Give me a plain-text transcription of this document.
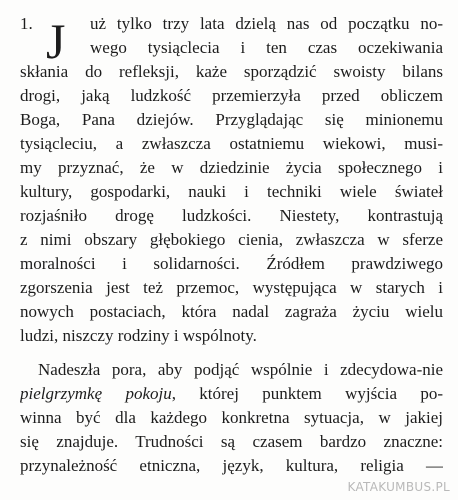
1. J uż tylko trzy lata dzielą nas od początku no-
wego tysiąclecia i ten czas oczekiwania
skłania do refleksji, każe sporządzić swoisty bilans
drogi, jaką ludzkość przemierzyła przed obliczem
Boga, Pana dziejów. Przyglądając się minionemu
tysiącleciu, a zwłaszcza ostatniemu wiekowi, musi-
my przyznać, że w dziedzinie życia społecznego i
kultury, gospodarki, nauki i techniki wiele świateł
rozjaśniło drogę ludzkości. Niestety, kontrastują
z nimi obszary głębokiego cienia, zwłaszcza w sferze
moralności i solidarności. Źródłem prawdziwego
zgorszenia jest też przemoc, występująca w starych i
nowych postaciach, która nadal zagraża życiu wielu
ludzi, niszczy rodziny i wspólnoty.
Nadeszła pora, aby podjąć wspólnie i zdecydowa-nie
pielgrzymkę pokoju, której punktem wyjścia po-
winna być dla każdego konkretna sytuacja, w jakiej
się znajduje. Trudności są czasem bardzo znaczne:
przynależność etniczna, język, kultura, religia —
KATAKUMBUS.PL
